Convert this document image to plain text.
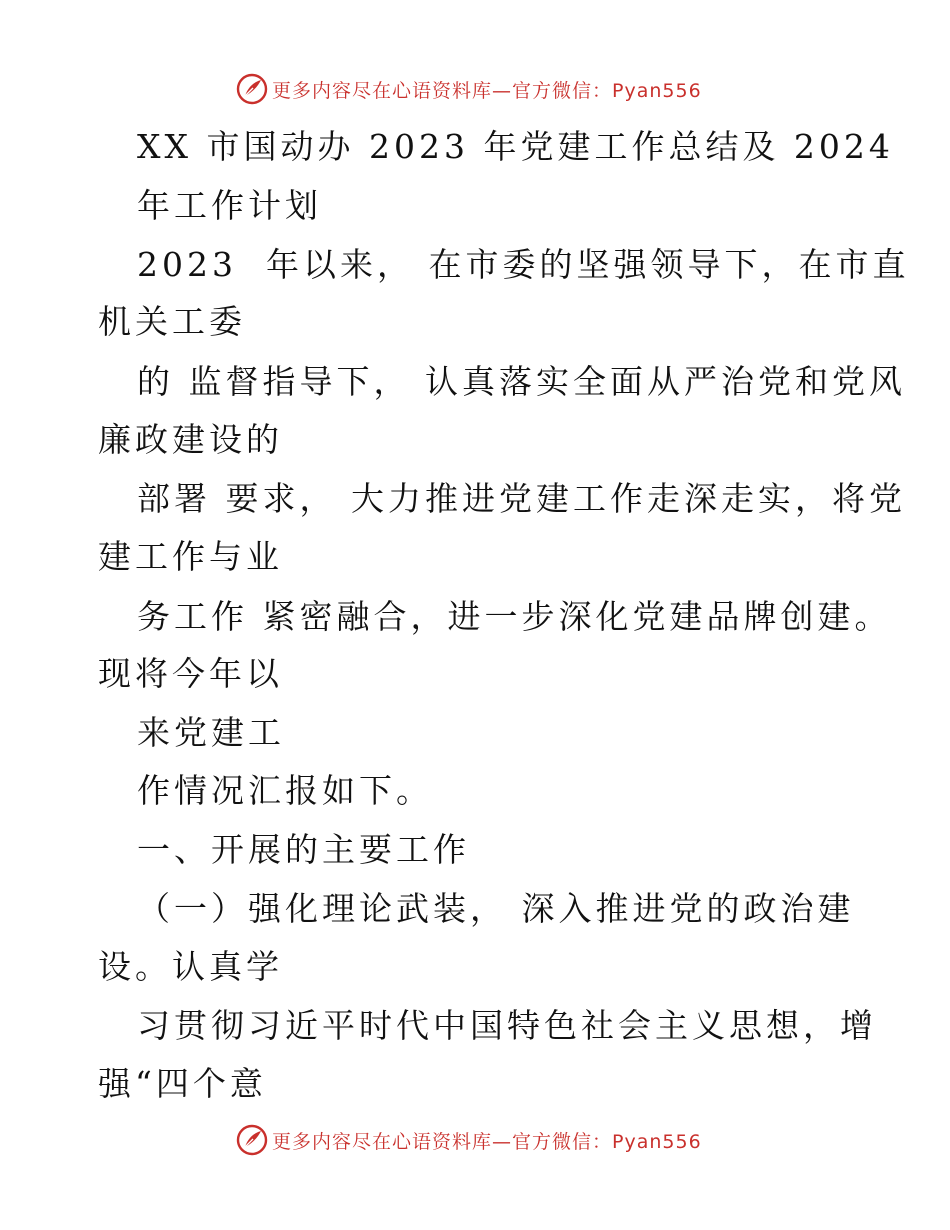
更多内容尽在心语资料库—官方微信：Pyan556
XX 市国动办 2023 年党建工作总结及 2024
年工作计划
2023  年以来， 在市委的坚强领导下，在市直
机关工委
的 监督指导下， 认真落实全面从严治党和党风
廉政建设的
部署 要求， 大力推进党建工作走深走实，将党
建工作与业
务工作 紧密融合，进一步深化党建品牌创建。
现将今年以
来党建工
作情况汇报如下。
一、开展的主要工作
（一）强化理论武装， 深入推进党的政治建
设。认真学
习贯彻习近平时代中国特色社会主义思想，增
强“四个意
更多内容尽在心语资料库—官方微信：Pyan556
